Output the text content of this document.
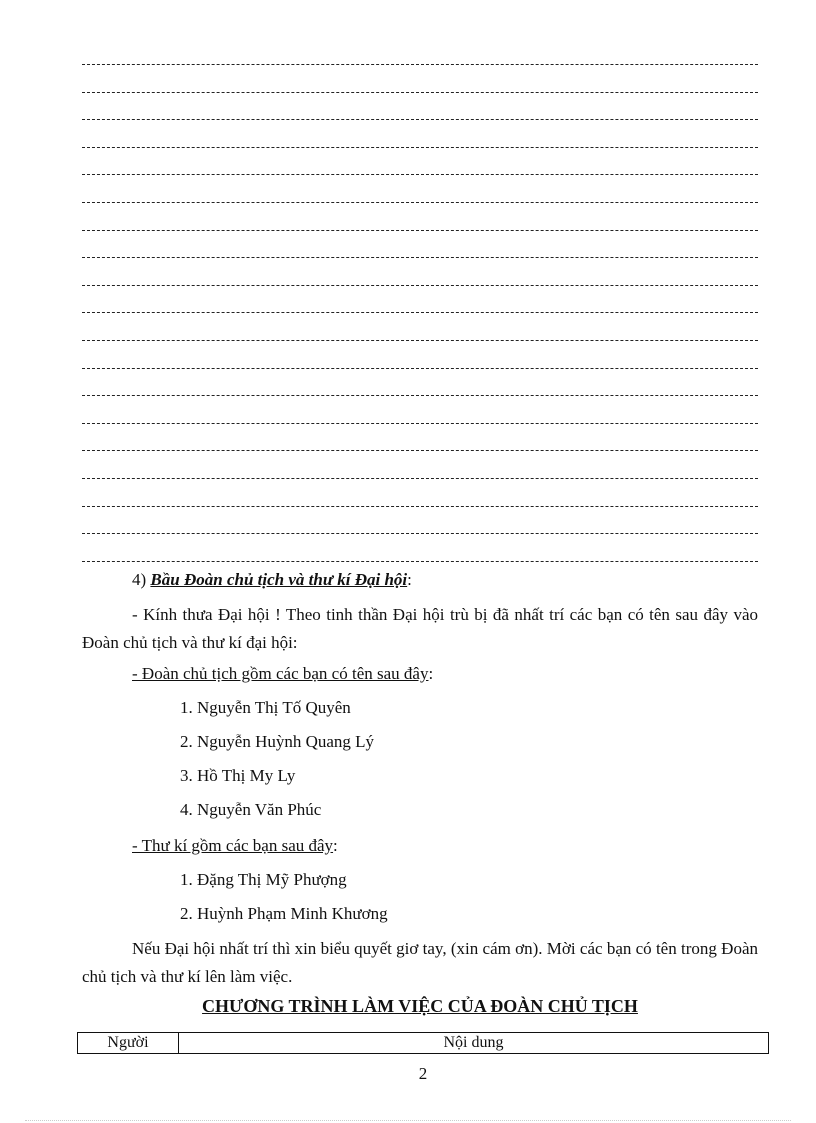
4) Bầu Đoàn chủ tịch và thư kí Đại hội:
- Kính thưa Đại hội ! Theo tinh thần Đại hội trù bị đã nhất trí các bạn có tên sau đây vào Đoàn chủ tịch và thư kí đại hội:
- Đoàn chủ tịch gồm các bạn có tên sau đây:
1. Nguyễn Thị Tố Quyên
2. Nguyễn Huỳnh Quang Lý
3. Hồ Thị My Ly
4. Nguyễn Văn Phúc
- Thư kí gồm các bạn sau đây:
1. Đặng Thị Mỹ Phượng
2. Huỳnh Phạm Minh Khương
Nếu Đại hội nhất trí thì xin biểu quyết giơ tay, (xin cám ơn). Mời các bạn có tên trong Đoàn chủ tịch và thư kí lên làm việc.
CHƯƠNG TRÌNH LÀM VIỆC CỦA ĐOÀN CHỦ TỊCH
Người	Nội dung
2
